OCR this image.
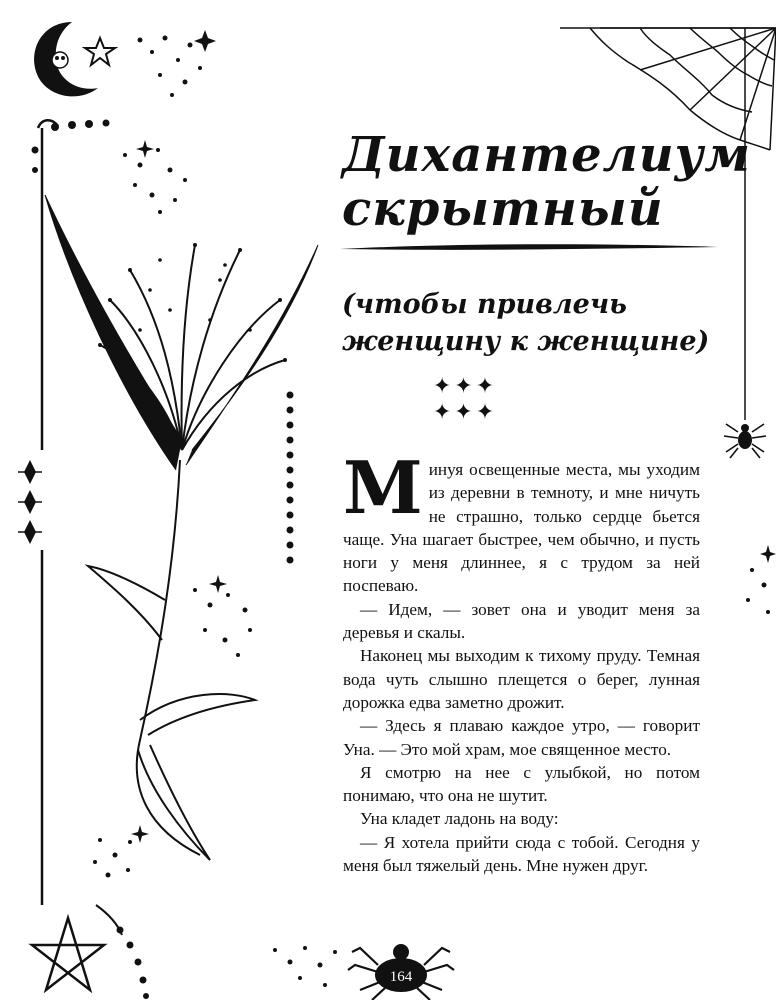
Дихантелиум
скрытный
(чтобы привлечь
женщину к женщине)
✦✦✦
✦✦✦

Минуя освещенные места, мы уходим из деревни в темноту, и мне ничуть не страшно, только сердце бьется чаще. Уна шагает быстрее, чем обычно, и пусть ноги у меня длиннее, я с трудом за ней поспеваю.

— Идем, — зовет она и уводит меня за деревья и скалы.

Наконец мы выходим к тихому пруду. Темная вода чуть слышно плещется о берег, лунная дорожка едва заметно дрожит.

— Здесь я плаваю каждое утро, — говорит Уна. — Это мой храм, мое священное место.

Я смотрю на нее с улыбкой, но потом понимаю, что она не шутит.

Уна кладет ладонь на воду:

— Я хотела прийти сюда с тобой. Сегодня у меня был тяжелый день. Мне нужен друг.

164
